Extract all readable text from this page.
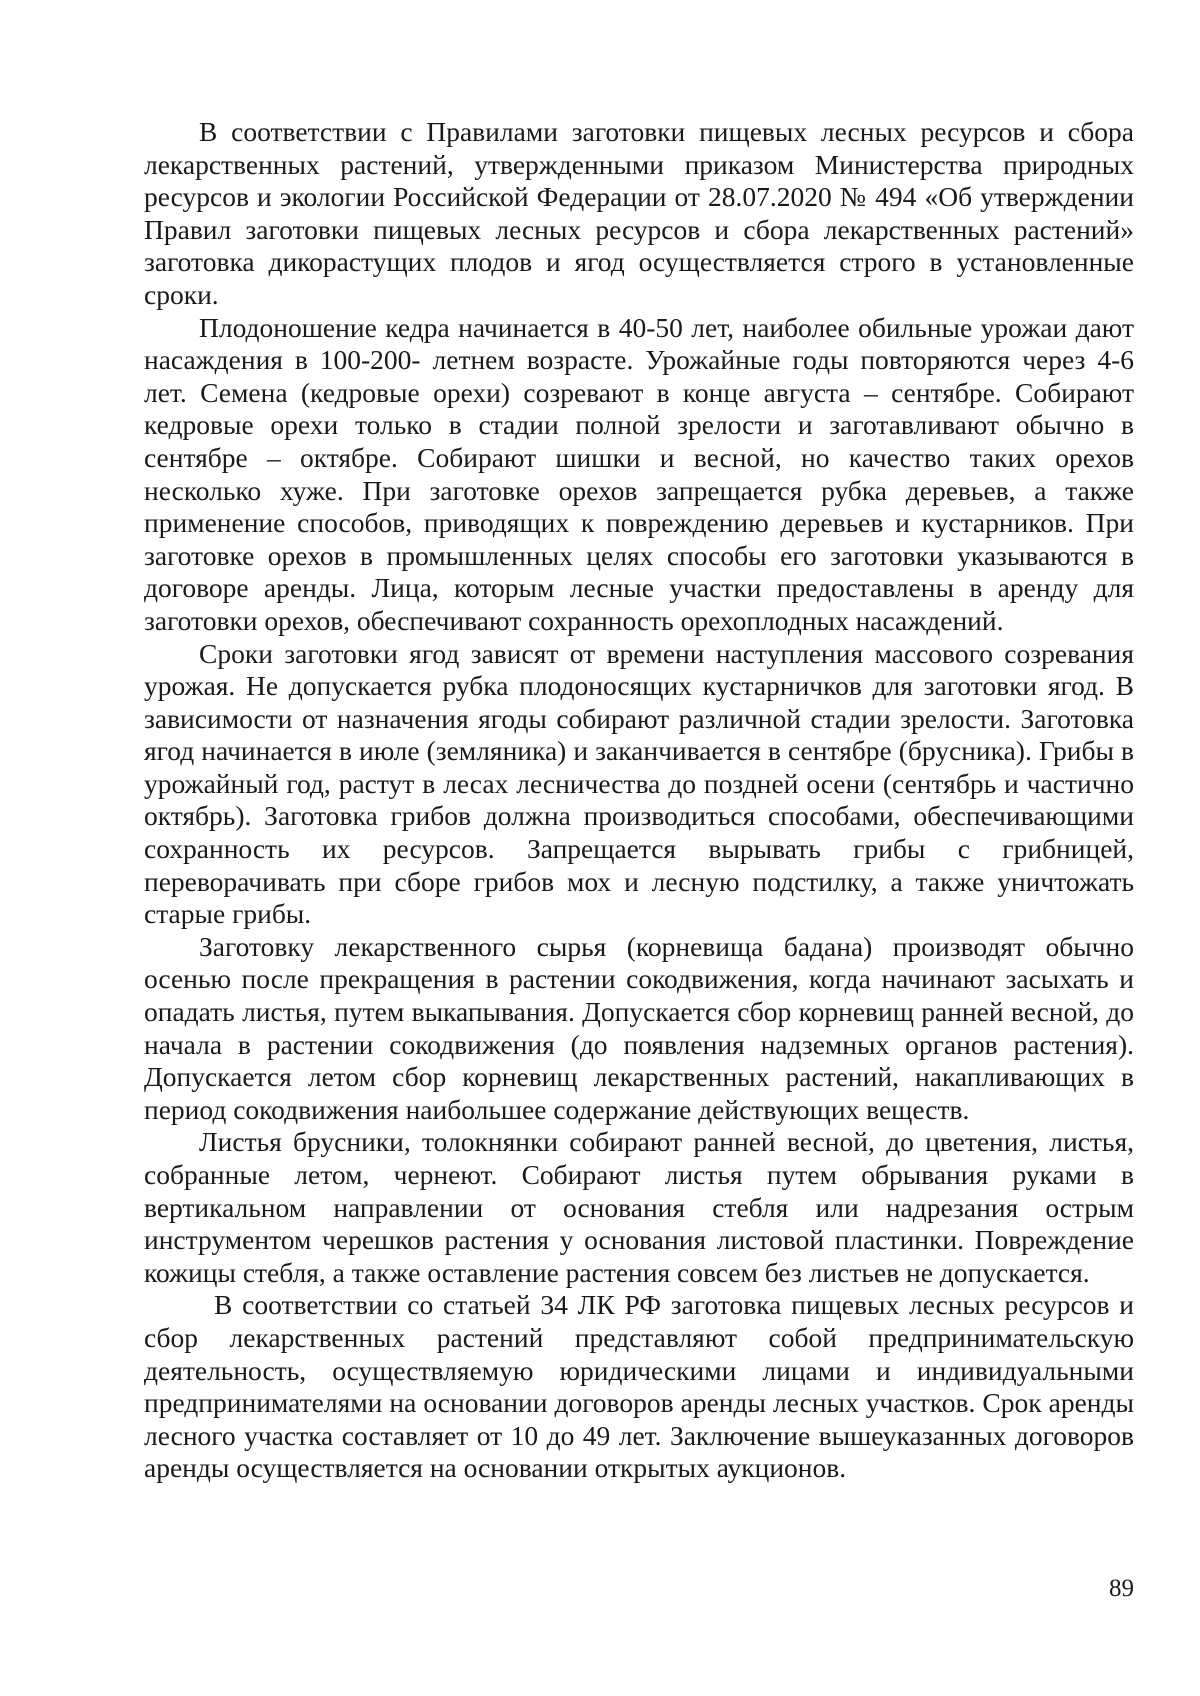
В соответствии с Правилами заготовки пищевых лесных ресурсов и сбора лекарственных растений, утвержденными приказом Министерства природных ресурсов и экологии Российской Федерации от 28.07.2020 № 494 «Об утверждении Правил заготовки пищевых лесных ресурсов и сбора лекарственных растений» заготовка дикорастущих плодов и ягод осуществляется строго в установленные сроки.

Плодоношение кедра начинается в 40-50 лет, наиболее обильные урожаи дают насаждения в 100-200- летнем возрасте. Урожайные годы повторяются через 4-6 лет. Семена (кедровые орехи) созревают в конце августа – сентябре. Собирают кедровые орехи только в стадии полной зрелости и заготавливают обычно в сентябре – октябре. Собирают шишки и весной, но качество таких орехов несколько хуже. При заготовке орехов запрещается рубка деревьев, а также применение способов, приводящих к повреждению деревьев и кустарников. При заготовке орехов в промышленных целях способы его заготовки указываются в договоре аренды. Лица, которым лесные участки предоставлены в аренду для заготовки орехов, обеспечивают сохранность орехоплодных насаждений.

Сроки заготовки ягод зависят от времени наступления массового созревания урожая. Не допускается рубка плодоносящих кустарничков для заготовки ягод. В зависимости от назначения ягоды собирают различной стадии зрелости. Заготовка ягод начинается в июле (земляника) и заканчивается в сентябре (брусника). Грибы в урожайный год, растут в лесах лесничества до поздней осени (сентябрь и частично октябрь). Заготовка грибов должна производиться способами, обеспечивающими сохранность их ресурсов. Запрещается вырывать грибы с грибницей, переворачивать при сборе грибов мох и лесную подстилку, а также уничтожать старые грибы.

Заготовку лекарственного сырья (корневища бадана) производят обычно осенью после прекращения в растении сокодвижения, когда начинают засыхать и опадать листья, путем выкапывания. Допускается сбор корневищ ранней весной, до начала в растении сокодвижения (до появления надземных органов растения). Допускается летом сбор корневищ лекарственных растений, накапливающих в период сокодвижения наибольшее содержание действующих веществ.

Листья брусники, толокнянки собирают ранней весной, до цветения, листья, собранные летом, чернеют. Собирают листья путем обрывания руками в вертикальном направлении от основания стебля или надрезания острым инструментом черешков растения у основания листовой пластинки. Повреждение кожицы стебля, а также оставление растения совсем без листьев не допускается.

В соответствии со статьей 34 ЛК РФ заготовка пищевых лесных ресурсов и сбор лекарственных растений представляют собой предпринимательскую деятельность, осуществляемую юридическими лицами и индивидуальными предпринимателями на основании договоров аренды лесных участков. Срок аренды лесного участка составляет от 10 до 49 лет. Заключение вышеуказанных договоров аренды осуществляется на основании открытых аукционов.

89
